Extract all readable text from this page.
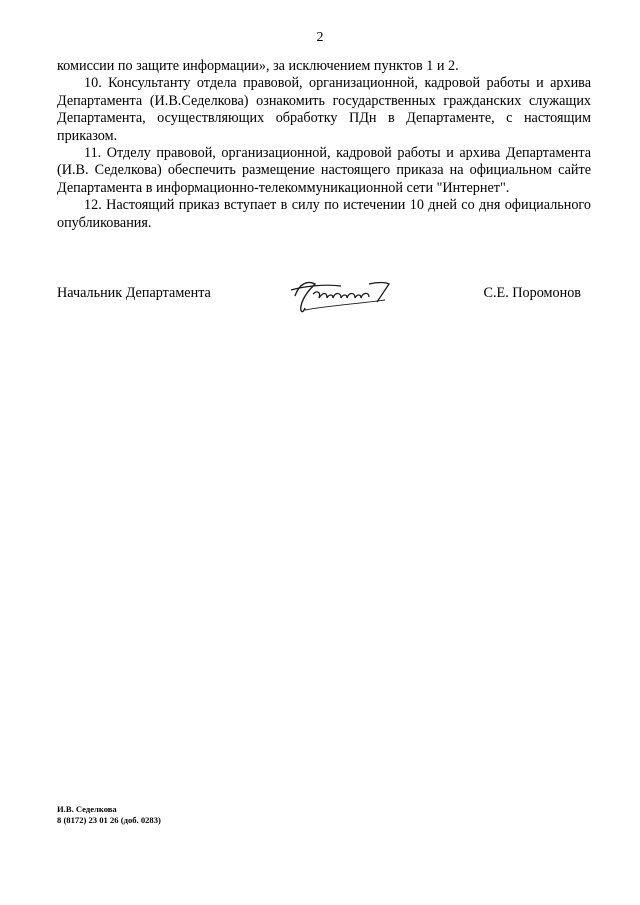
2

комиссии по защите информации», за исключением пунктов 1 и 2.

10. Консультанту отдела правовой, организационной, кадровой работы и архива Департамента (И.В.Седелкова) ознакомить государственных гражданских служащих Департамента, осуществляющих обработку ПДн в Департаменте, с настоящим приказом.

11. Отделу правовой, организационной, кадровой работы и архива Департамента (И.В. Седелкова) обеспечить размещение настоящего приказа на официальном сайте Департамента в информационно-телекоммуникационной сети "Интернет".

12. Настоящий приказ вступает в силу по истечении 10 дней со дня официального опубликования.

Начальник Департамента	С.Е. Поромонов
И.В. Седелкова
8 (8172) 23 01 26 (доб. 0283)
